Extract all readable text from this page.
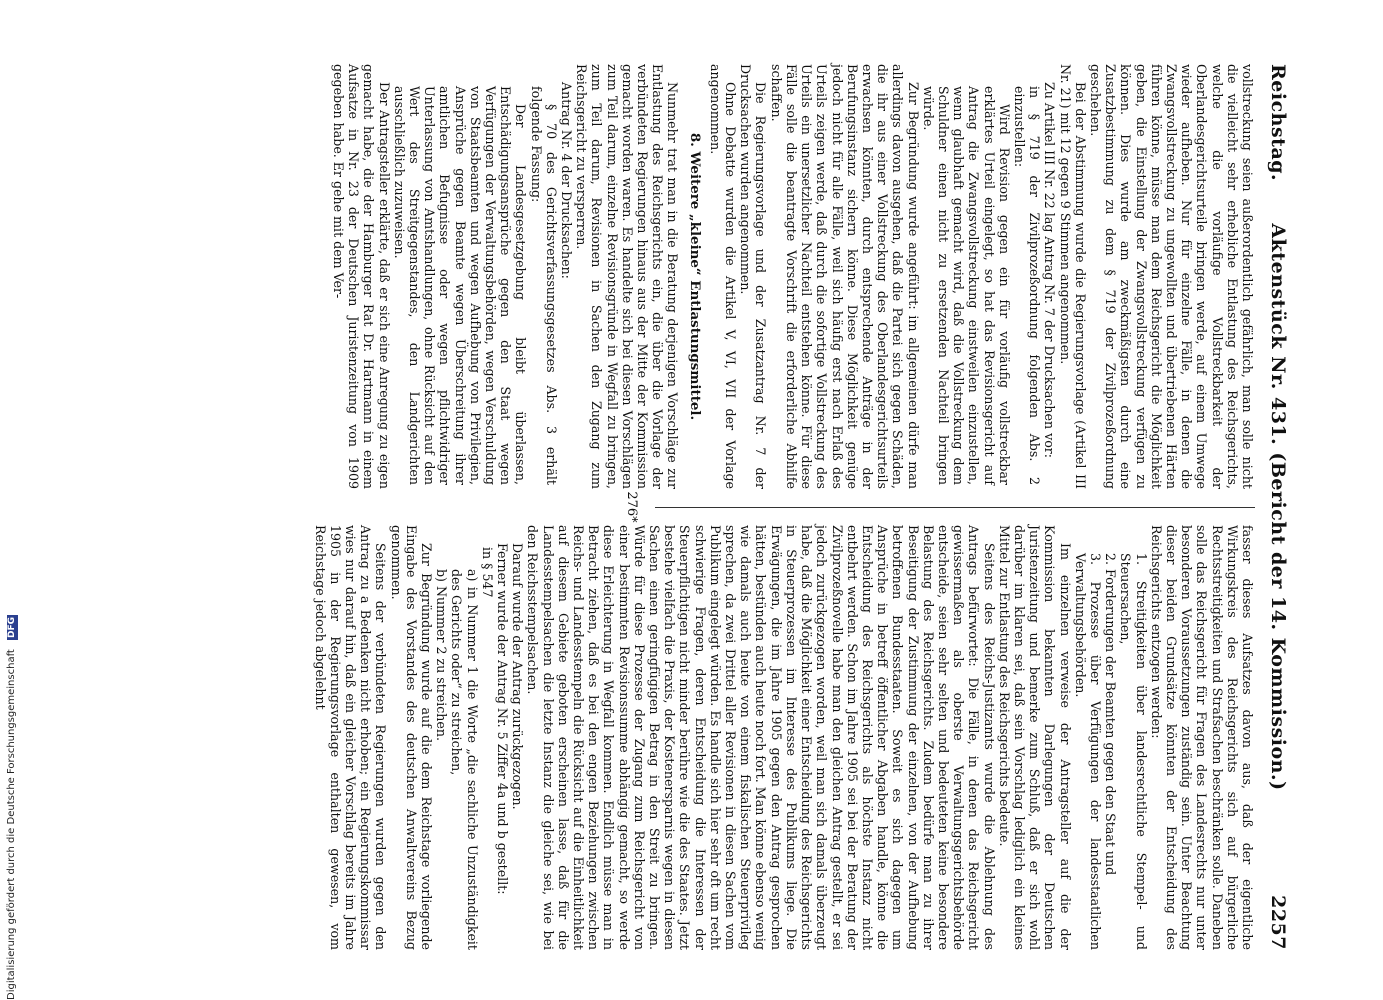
Reichstag.
Aktenstück Nr. 431. (Bericht der 14. Kommission.)
2257

vollstreckung seien außerordentlich gefährlich, man solle nicht die vielleicht sehr erhebliche Entlastung des Reichsgerichts, welche die vorläufige Vollstreckbarkeit der Oberlandesgerichtsurteile bringen werde, auf einem Umwege wieder aufheben. Nur für einzelne Fälle, in denen die Zwangsvollstreckung zu ungewollten und übertriebenen Härten führen könne, müsse man dem Reichsgericht die Möglichkeit geben, die Einstellung der Zwangsvollstreckung verfügen zu können. Dies wurde am zweckmäßigsten durch eine Zusatzbestimmung zu dem § 719 der Zivilprozeßordnung geschehen.

Bei der Abstimmung wurde die Regierungsvorlage (Artikel III Nr. 21) mit 12 gegen 9 Stimmen angenommen.

Zu Artikel III Nr. 22 lag Antrag Nr. 7 der Drucksachen vor:

in § 719 der Zivilprozeßordnung folgenden Abs. 2 einzustellen:

Wird Revision gegen ein für vorläufig vollstreckbar erklärtes Urteil eingelegt, so hat das Revisionsgericht auf Antrag die Zwangsvollstreckung einstweilen einzustellen, wenn glaubhaft gemacht wird, daß die Vollstreckung dem Schuldner einen nicht zu ersetzenden Nachteil bringen würde.

Zur Begründung wurde angeführt: im allgemeinen dürfe man allerdings davon ausgehen, daß die Partei sich gegen Schäden, die ihr aus einer Vollstreckung des Oberlandesgerichtsurteils erwachsen könnten, durch entsprechende Anträge in der Berufungsinstanz sichern könne. Diese Möglichkeit genüge jedoch nicht für alle Fälle, weil sich häufig erst nach Erlaß des Urteils zeigen werde, daß durch die sofortige Vollstreckung des Urteils ein unersetzlicher Nachteil entstehen könne. Für diese Fälle solle die beantragte Vorschrift die erforderliche Abhilfe schaffen.

Die Regierungsvorlage und der Zusatzantrag Nr. 7 der Drucksachen wurden angenommen.

Ohne Debatte wurden die Artikel V, VI, VII der Vorlage angenommen.

8. Weitere „kleine“ Entlastungsmittel.

Nunmehr trat man in die Beratung derjenigen Vorschläge zur Entlastung des Reichsgerichts ein, die über die Vorlage der verbündeten Regierungen hinaus aus der Mitte der Kommission gemacht worden waren. Es handelte sich bei diesen Vorschlägen zum Teil darum, einzelne Revisionsgründe in Wegfall zu bringen, zum Teil darum, Revisionen in Sachen den Zugang zum Reichsgericht zu versperren.

Antrag Nr. 4 der Drucksachen:

§ 70 des Gerichtsverfassungsgesetzes Abs. 3 erhält folgende Fassung:

Der Landesgesetzgebung bleibt überlassen, Entschädigungsansprüche gegen den Staat wegen Verfügungen der Verwaltungsbehörden, wegen Verschuldung von Staatsbeamten und wegen Aufhebung von Privilegien, Ansprüche gegen Beamte wegen Überschreitung ihrer amtlichen Befugnisse oder wegen pflichtwidriger Unterlassung von Amtshandlungen, ohne Rücksicht auf den Wert des Streitgegenstandes, den Landgerichten ausschließlich zuzuweisen.

Der Antragsteller erklärte, daß er sich eine Anregung zu eigen gemacht habe, die der Hamburger Rat Dr. Hartmann in einem Aufsatze in Nr. 23 der Deutschen Juristenzeitung von 1909 gegeben habe. Er gehe mit dem Ver-

fasser dieses Aufsatzes davon aus, daß der eigentliche Wirkungskreis des Reichsgerichts sich auf bürgerliche Rechtsstreitigkeiten und Strafsachen beschränken solle. Daneben solle das Reichsgericht für Fragen des Landesrechts nur unter besonderen Voraussetzungen zuständig sein. Unter Beachtung dieser beiden Grundsätze könnten der Entscheidung des Reichsgerichts entzogen werden:

1. Streitigkeiten über landesrechtliche Stempel- und Steuersachen,

2. Forderungen der Beamten gegen den Staat und

3. Prozesse über Verfügungen der landesstaatlichen Verwaltungsbehörden.

Im einzelnen verweise der Antragsteller auf die der Kommission bekannten Darlegungen der Deutschen Juristenzeitung und bemerke zum Schluß, daß er sich wohl darüber im klaren sei, daß sein Vorschlag lediglich ein kleines Mittel zur Entlastung des Reichsgerichts bedeute.

Seitens des Reichs-Justizamts wurde die Ablehnung des Antrags befürwortet: Die Fälle, in denen das Reichsgericht gewissermaßen als oberste Verwaltungsgerichtsbehörde entscheide, seien sehr selten und bedeuteten keine besondere Belastung des Reichsgerichts. Zudem bedürfe man zu ihrer Beseitigung der Zustimmung der einzelnen, von der Aufhebung betroffenen Bundesstaaten. Soweit es sich dagegen um Ansprüche in betreff öffentlicher Abgaben handle, könne die Entscheidung des Reichsgerichts als höchste Instanz nicht entbehrt werden. Schon im Jahre 1905 sei bei der Beratung der Zivilprozeßnovelle habe man den gleichen Antrag gestellt, er sei jedoch zurückgezogen worden, weil man sich damals überzeugt habe, daß die Möglichkeit einer Entscheidung des Reichsgerichts in Steuerprozessen im Interesse des Publikums liege. Die Erwägungen, die im Jahre 1905 gegen den Antrag gesprochen hätten, bestünden auch heute noch fort. Man könne ebenso wenig wie damals auch heute von einem fiskalischen Steuerprivileg sprechen, da zwei Drittel aller Revisionen in diesen Sachen vom Publikum eingelegt würden. Es handle sich hier sehr oft um recht schwierige Fragen, deren Entscheidung die Interessen der Steuerpflichtigen nicht minder berühre wie die des Staates. Jetzt bestehe vielfach die Praxis, der Kostenersparnis wegen in diesen Sachen einen geringfügigen Betrag in den Streit zu bringen. Würde für diese Prozesse der Zugang zum Reichsgericht von einer bestimmten Revisionssumme abhängig gemacht, so werde diese Erleichterung in Wegfall kommen. Endlich müsse man in Betracht ziehen, daß es bei den engen Beziehungen zwischen Reichs- und Landesstempeln die Rücksicht auf die Einheitlichkeit auf diesem Gebiete geboten erscheinen lasse, daß für die Landesstempelsachen die letzte Instanz die gleiche sei, wie bei den Reichsstempelsachen.

Darauf wurde der Antrag zurückgezogen.

Ferner wurde der Antrag Nr. 5 Ziffer 4a und b gestellt:

in § 547

a) in Nummer 1 die Worte „die sachliche Unzuständigkeit des Gerichts oder“ zu streichen,

b) Nummer 2 zu streichen.

Zur Begründung wurde auf die dem Reichstage vorliegende Eingabe des Vorstandes des deutschen Anwaltvereins Bezug genommen.

Seitens der verbündeten Regierungen wurden gegen den Antrag zu a Bedenken nicht erhoben; ein Regierungskommissar wies nur darauf hin, daß ein gleicher Vorschlag bereits im Jahre 1905 in der Regierungsvorlage enthalten gewesen, vom Reichstage jedoch abgelehnt

276*
Digitalisierung gefördert durch die Deutsche Forschungsgemeinschaft DFG
